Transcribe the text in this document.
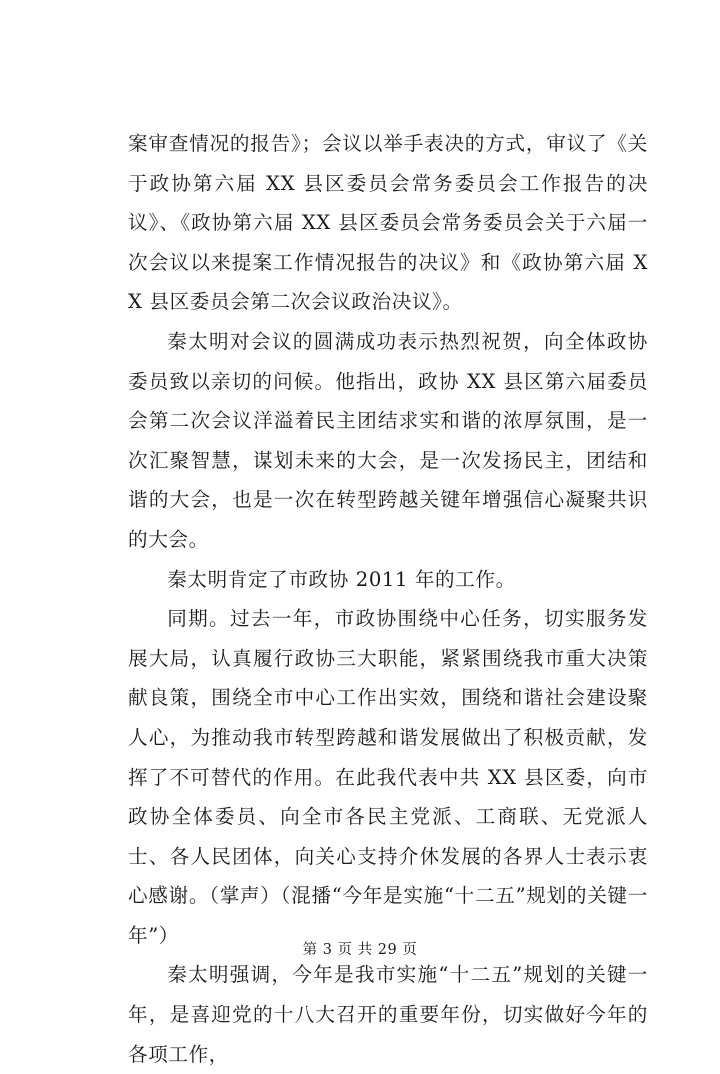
案审查情况的报告》；会议以举手表决的方式，审议了《关于政协第六届 XX 县区委员会常务委员会工作报告的决议》、《政协第六届 XX 县区委员会常务委员会关于六届一次会议以来提案工作情况报告的决议》和《政协第六届 XX 县区委员会第二次会议政治决议》。

秦太明对会议的圆满成功表示热烈祝贺，向全体政协委员致以亲切的问候。他指出，政协 XX 县区第六届委员会第二次会议洋溢着民主团结求实和谐的浓厚氛围，是一次汇聚智慧，谋划未来的大会，是一次发扬民主，团结和谐的大会，也是一次在转型跨越关键年增强信心凝聚共识的大会。

秦太明肯定了市政协 2011 年的工作。

同期。过去一年，市政协围绕中心任务，切实服务发展大局，认真履行政协三大职能，紧紧围绕我市重大决策献良策，围绕全市中心工作出实效，围绕和谐社会建设聚人心，为推动我市转型跨越和谐发展做出了积极贡献，发挥了不可替代的作用。在此我代表中共 XX 县区委，向市政协全体委员、向全市各民主党派、工商联、无党派人士、各人民团体，向关心支持介休发展的各界人士表示衷心感谢。（掌声）（混播“今年是实施“十二五”规划的关键一年”）

秦太明强调，今年是我市实施“十二五”规划的关键一年，是喜迎党的十八大召开的重要年份，切实做好今年的各项工作，

第 3 页 共 29 页
